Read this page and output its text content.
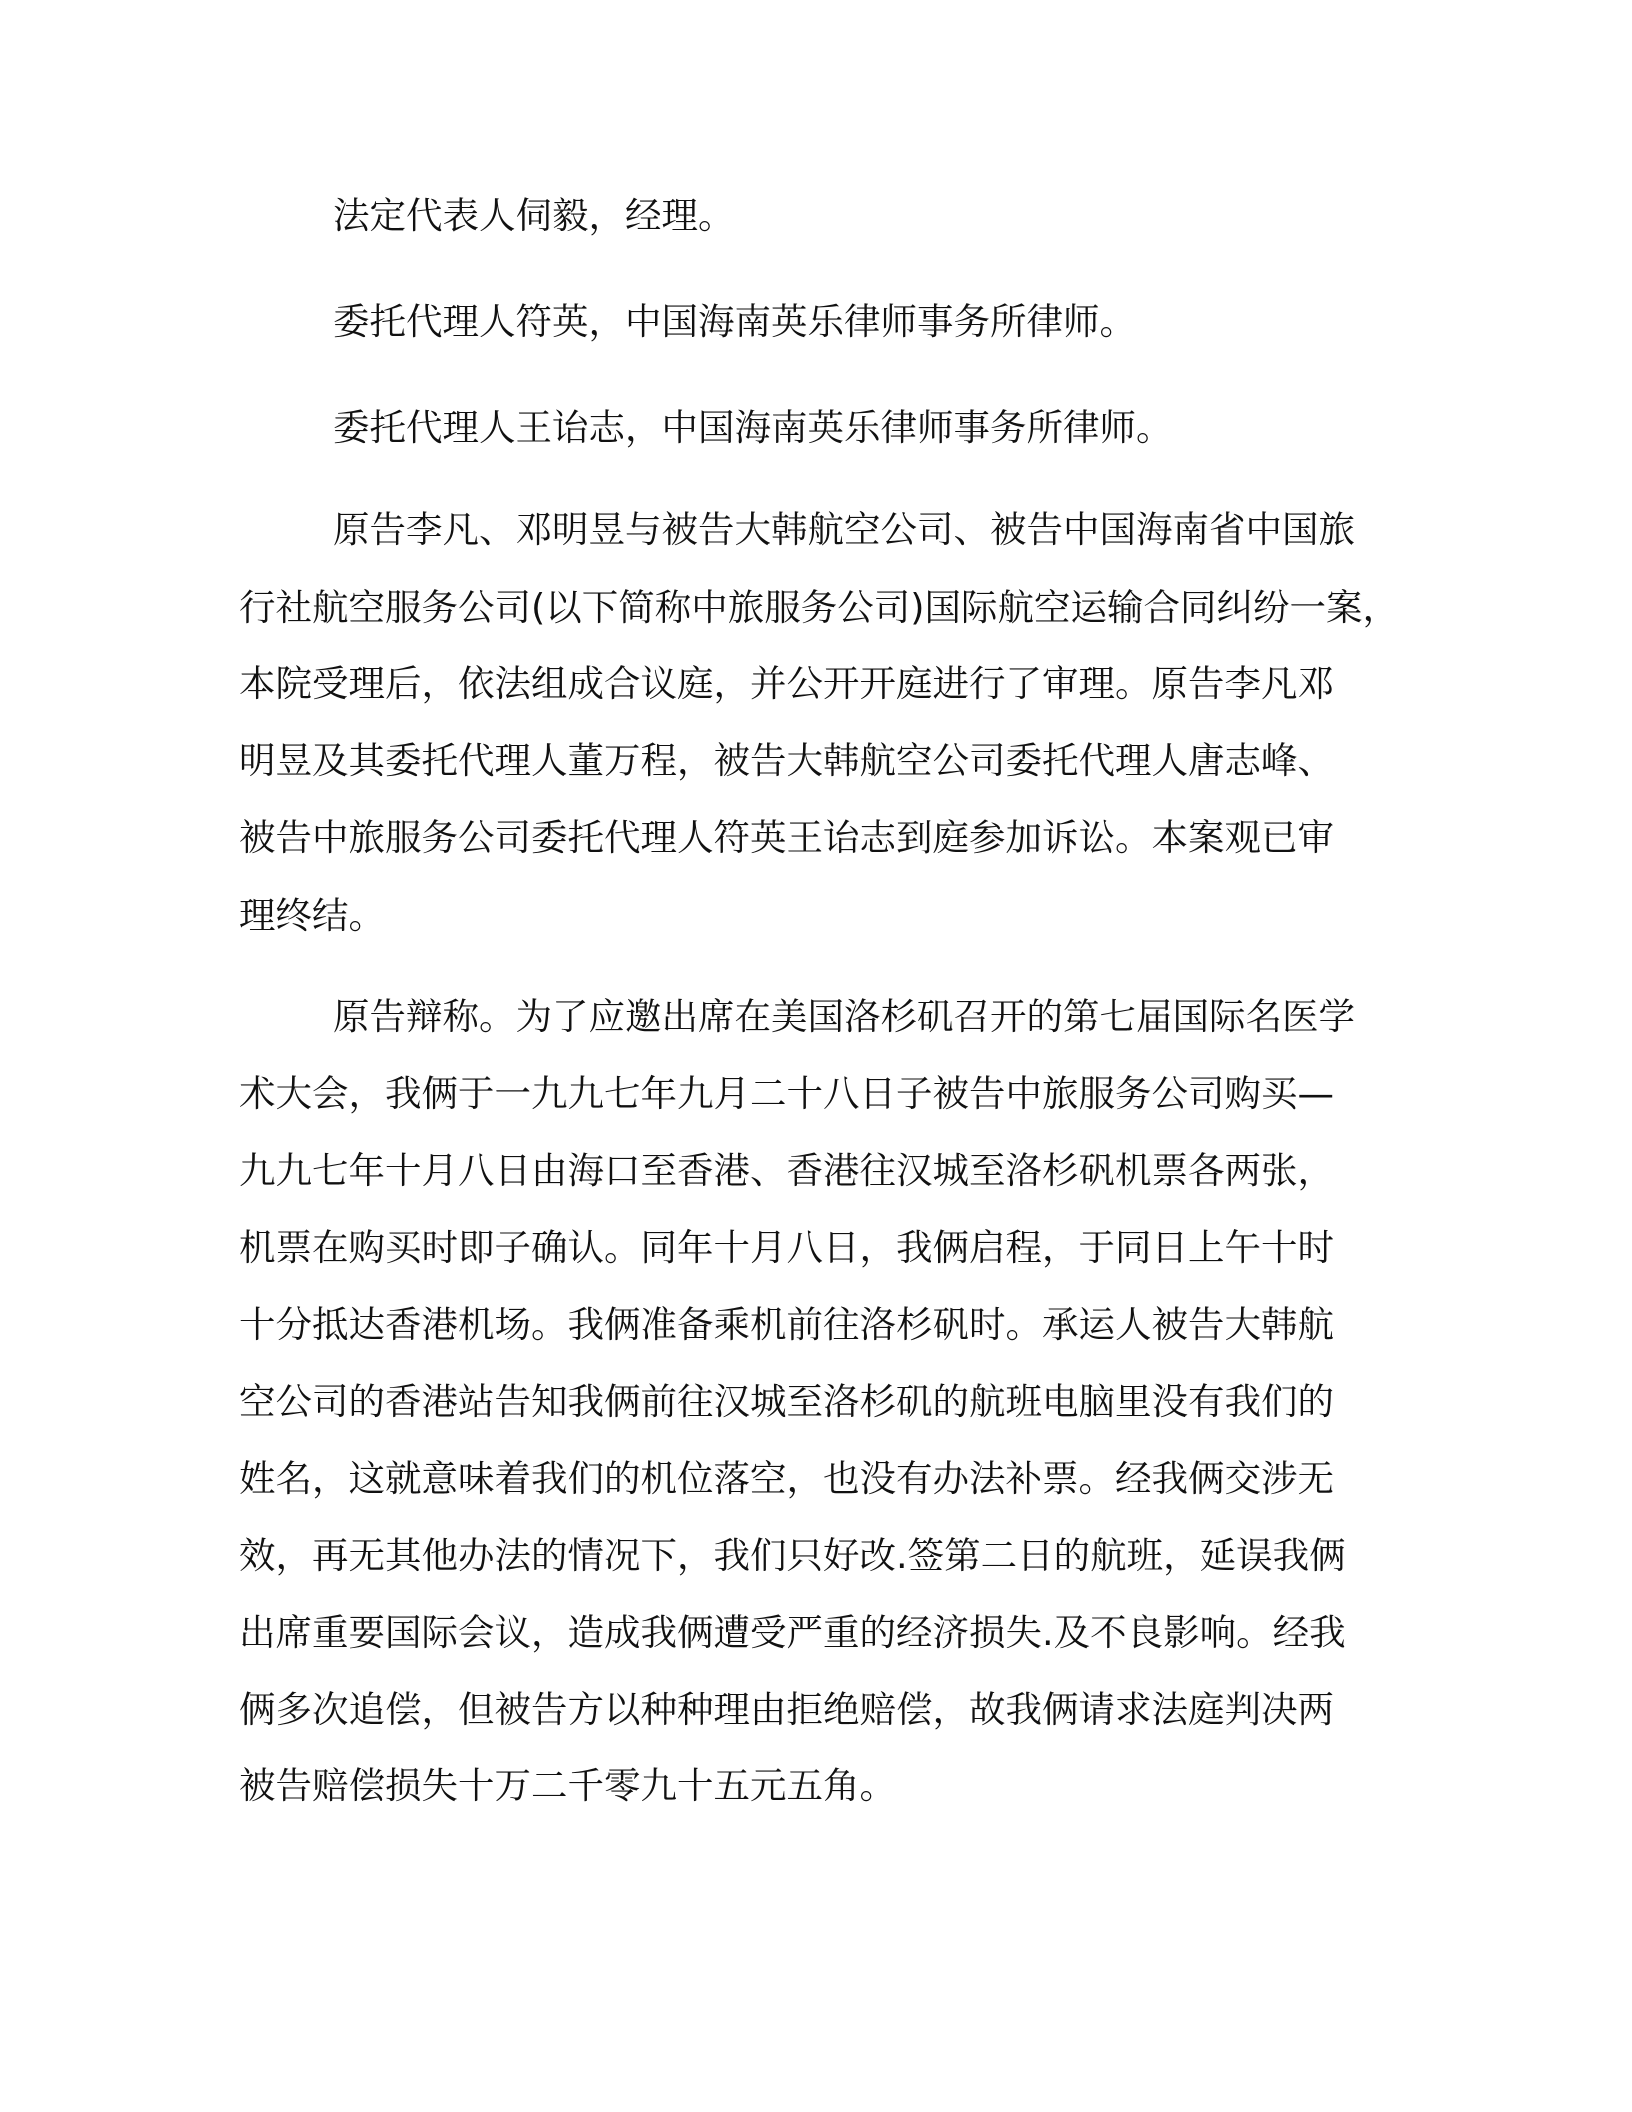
法定代表人伺毅，经理。

委托代理人符英，中国海南英乐律师事务所律师。

委托代理人王诒志，中国海南英乐律师事务所律师。

原告李凡、邓明昱与被告大韩航空公司、被告中国海南省中国旅

行社航空服务公司(以下简称中旅服务公司)国际航空运输合同纠纷一案，

本院受理后，依法组成合议庭，并公开开庭进行了审理。原告李凡邓

明昱及其委托代理人董万程，被告大韩航空公司委托代理人唐志峰、

被告中旅服务公司委托代理人符英王诒志到庭参加诉讼。本案观已审

理终结。

原告辩称。为了应邀出席在美国洛杉矶召开的第七届国际名医学

术大会，我俩于一九九七年九月二十八日子被告中旅服务公司购买—

九九七年十月八日由海口至香港、香港往汉城至洛杉矾机票各两张，

机票在购买时即子确认。同年十月八日，我俩启程，于同日上午十时

十分抵达香港机场。我俩准备乘机前往洛杉矾时。承运人被告大韩航

空公司的香港站告知我俩前往汉城至洛杉矶的航班电脑里没有我们的

姓名，这就意味着我们的机位落空，也没有办法补票。经我俩交涉无

效，再无其他办法的情况下，我们只好改.签第二日的航班，延误我俩

出席重要国际会议，造成我俩遭受严重的经济损失.及不良影响。经我

俩多次追偿，但被告方以种种理由拒绝赔偿，故我俩请求法庭判决两

被告赔偿损失十万二千零九十五元五角。
